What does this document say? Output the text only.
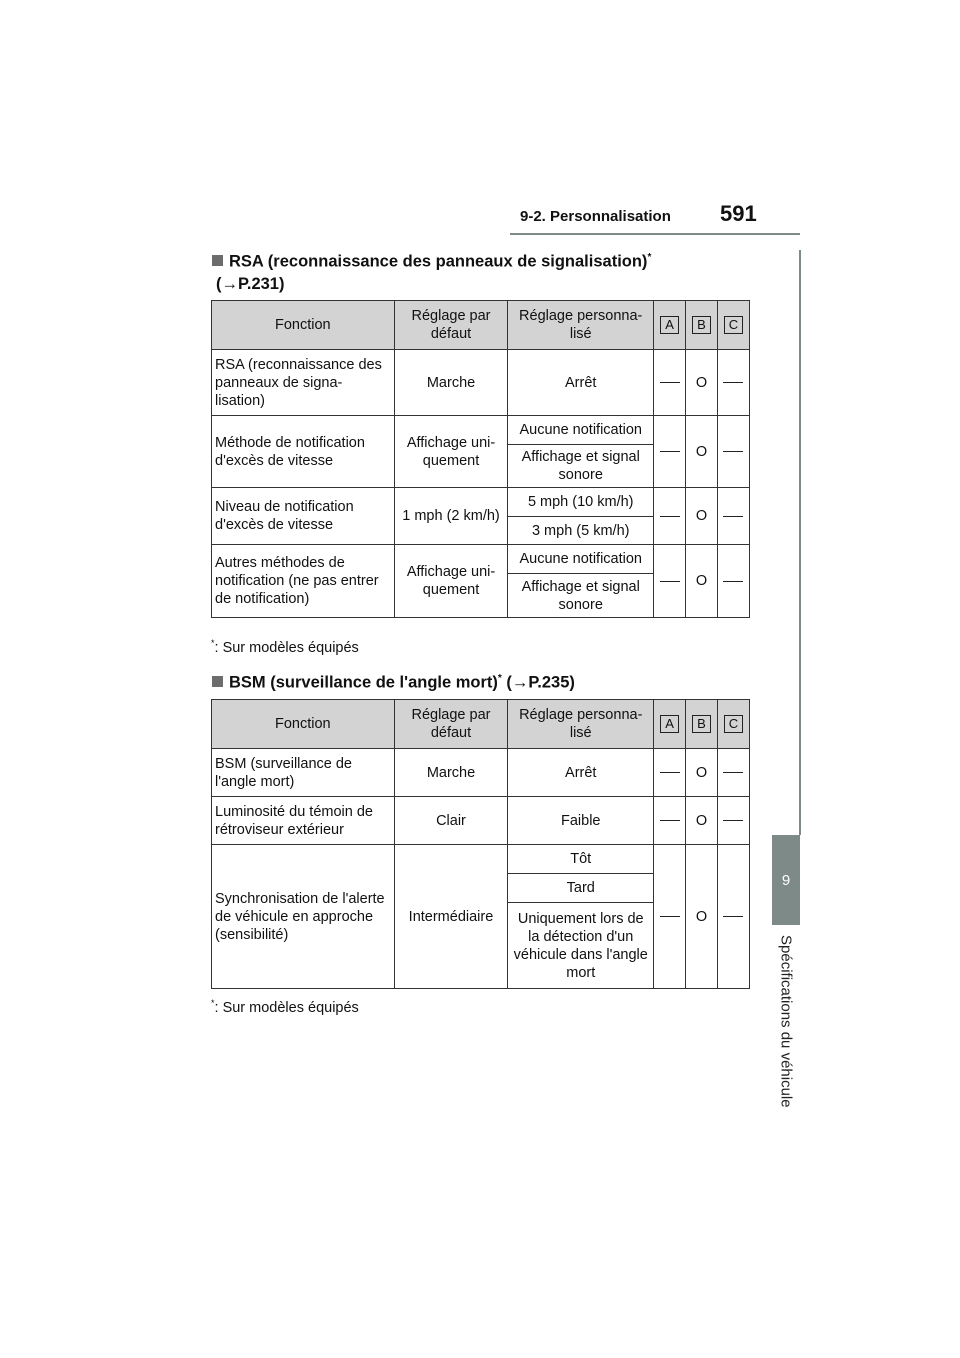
9-2. Personnalisation 591
9
Spécifications du véhicule
RSA (reconnaissance des panneaux de signalisation)*
(→P.231)
Fonction	Réglage par défaut	Réglage personna-lisé	A	B	C
RSA (reconnaissance des panneaux de signa-lisation)	Marche	Arrêt		O	
Méthode de notification d'excès de vitesse	Affichage uni-quement	Aucune notification		O	
		Affichage et signal sonore			
Niveau de notification d'excès de vitesse	1 mph (2 km/h)	5 mph (10 km/h)		O	
		3 mph (5 km/h)			
Autres méthodes de notification (ne pas entrer de notification)	Affichage uni-quement	Aucune notification		O	
		Affichage et signal sonore			
*: Sur modèles équipés
BSM (surveillance de l'angle mort)* (→P.235)
Fonction	Réglage par défaut	Réglage personna-lisé	A	B	C
BSM (surveillance de l'angle mort)	Marche	Arrêt		O	
Luminosité du témoin de rétroviseur extérieur	Clair	Faible		O	
Synchronisation de l'alerte de véhicule en approche (sensibilité)	Intermédiaire	Tôt		O	
		Tard			
		Uniquement lors de la détection d'un véhicule dans l'angle mort			
*: Sur modèles équipés
